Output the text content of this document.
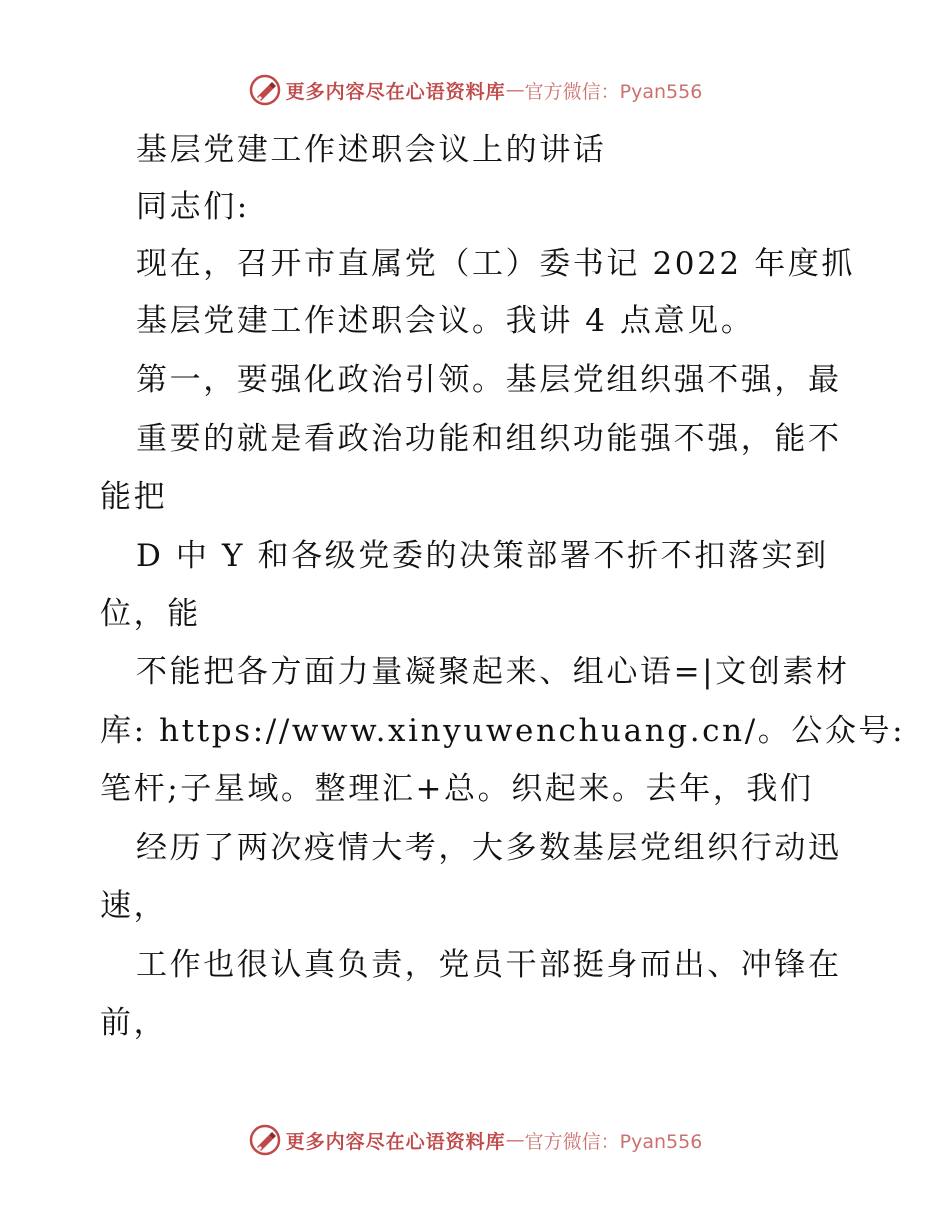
更多内容尽在心语资料库 — 官方微信：Pyan556
基层党建工作述职会议上的讲话
同志们:
现在，召开市直属党（工）委书记 2022 年度抓
基层党建工作述职会议。我讲 4 点意见。
第一，要强化政治引领。基层党组织强不强，最
重要的就是看政治功能和组织功能强不强，能不
能把
D 中 Y 和各级党委的决策部署不折不扣落实到
位，能
不能把各方面力量凝聚起来、组心语=|文创素材
库: https://www.xinyuwenchuang.cn/。公众号:
笔杆;子星域。整理汇+总。织起来。去年，我们
经历了两次疫情大考，大多数基层党组织行动迅
速，
工作也很认真负责，党员干部挺身而出、冲锋在
前，
更多内容尽在心语资料库 — 官方微信：Pyan556
